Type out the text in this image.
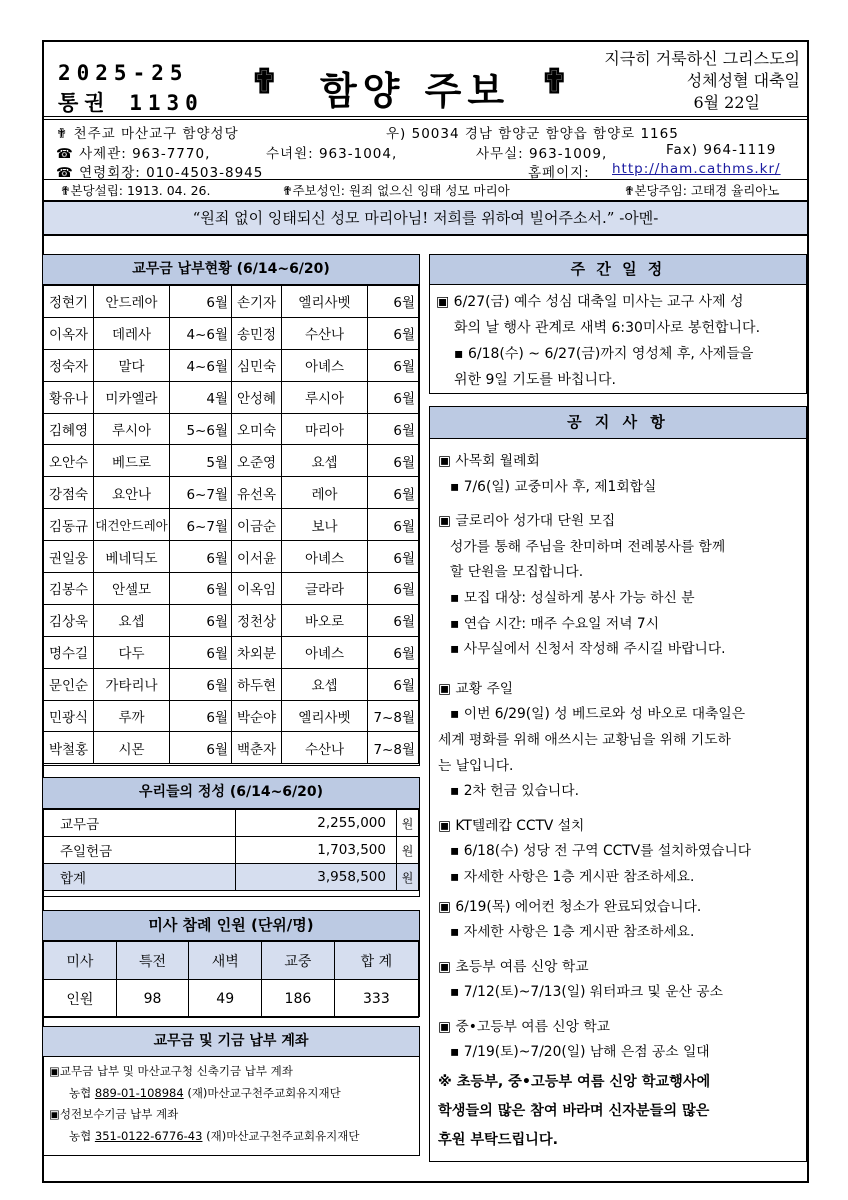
2025-25
통권 1130
✟	함양 주보 ✟
지극히 거룩하신 그리스도의
성체성혈 대축일
6월 22일
✟ 천주교 마산교구 함양성당	우) 50034 경남 함양군 함양읍 함양로 1165
☎ 사제관: 963-7770,	수녀원: 963-1004,	사무실: 963-1009,	Fax) 964-1119
☎ 연령회장: 010-4503-8945	홈페이지: http://ham.cathms.kr/
✟본당설립: 1913. 04. 26.	✟주보성인: 원죄 없으신 잉태 성모 마리아	✟본당주임: 고태경 율리아노
“원죄 없이 잉태되신 성모 마리아님! 저희를 위하여 빌어주소서.” -아멘-
교무금 납부현황 (6/14~6/20)
정현기	안드레아	6월	손기자	엘리사벳	6월
이옥자	데레사	4~6월	송민정	수산나	6월
정숙자	말다	4~6월	심민숙	아녜스	6월
황유나	미카엘라	4월	안성혜	루시아	6월
김혜영	루시아	5~6월	오미숙	마리아	6월
오안수	베드로	5월	오준영	요셉	6월
강점숙	요안나	6~7월	유선옥	레아	6월
김동규	대건안드레아	6~7월	이금순	보나	6월
권일웅	베네딕도	6월	이서윤	아녜스	6월
김봉수	안셀모	6월	이옥임	글라라	6월
김상욱	요셉	6월	정천상	바오로	6월
명수길	다두	6월	차외분	아녜스	6월
문인순	가타리나	6월	하두현	요셉	6월
민광식	루까	6월	박순야	엘리사벳	7~8월
박철홍	시몬	6월	백춘자	수산나	7~8월
우리들의 정성 (6/14~6/20)
교무금	2,255,000	원
주일헌금	1,703,500	원
합계	3,958,500	원
미사 참례 인원 (단위/명)
미사	특전	새벽	교중	합 계
인원	98	49	186	333
교무금 및 기금 납부 계좌
▣교무금 납부 및 마산교구청 신축기금 납부 계좌
농협 889-01-108984 (재)마산교구천주교회유지재단
▣성전보수기금 납부 계좌
농협 351-0122-6776-43 (재)마산교구천주교회유지재단
주 간 일 정
▣ 6/27(금) 예수 성심 대축일 미사는 교구 사제 성
화의 날 행사 관계로 새벽 6:30미사로 봉헌합니다.
▪ 6/18(수) ~ 6/27(금)까지 영성체 후, 사제들을
위한 9일 기도를 바칩니다.
공 지 사 항
▣ 사목회 월례회
▪ 7/6(일) 교중미사 후, 제1회합실
▣ 글로리아 성가대 단원 모집
성가를 통해 주님을 찬미하며 전례봉사를 함께
할 단원을 모집합니다.
▪ 모집 대상: 성실하게 봉사 가능 하신 분
▪ 연습 시간: 매주 수요일 저녁 7시
▪ 사무실에서 신청서 작성해 주시길 바랍니다.
▣ 교황 주일
▪ 이번 6/29(일) 성 베드로와 성 바오로 대축일은
세계 평화를 위해 애쓰시는 교황님을 위해 기도하
는 날입니다.
▪ 2차 헌금 있습니다.
▣ KT텔레캅 CCTV 설치
▪ 6/18(수) 성당 전 구역 CCTV를 설치하였습니다
▪ 자세한 사항은 1층 게시판 참조하세요.
▣ 6/19(목) 에어컨 청소가 완료되었습니다.
▪ 자세한 사항은 1층 게시판 참조하세요.
▣ 초등부 여름 신앙 학교
▪ 7/12(토)~7/13(일) 워터파크 및 운산 공소
▣ 중•고등부 여름 신앙 학교
▪ 7/19(토)~7/20(일) 남해 은점 공소 일대
※ 초등부, 중•고등부 여름 신앙 학교행사에
학생들의 많은 참여 바라며 신자분들의 많은
후원 부탁드립니다.
